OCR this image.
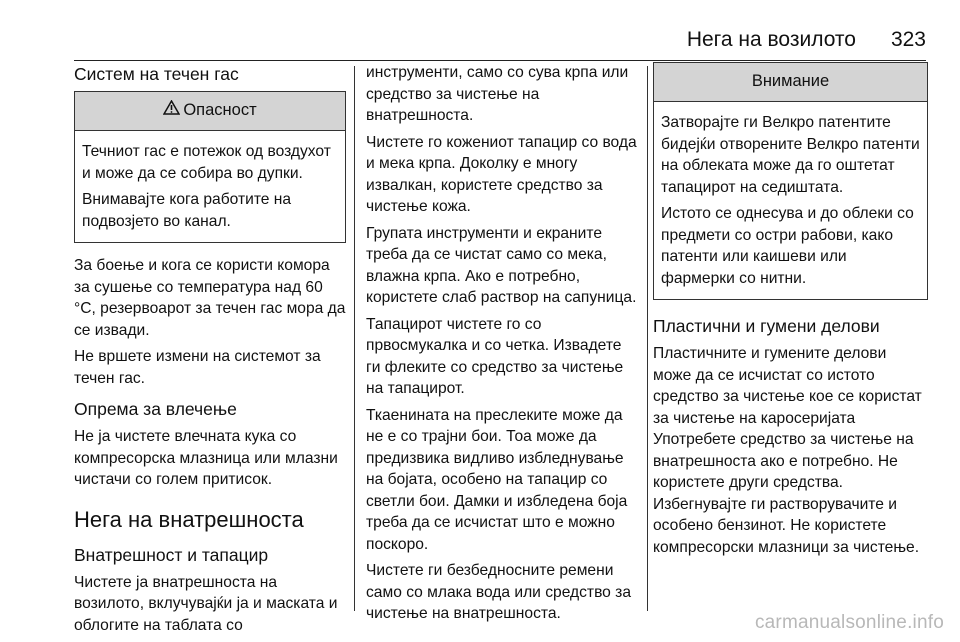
Нега на возилото 323
Систем на течен гас
Опасност

Течниот гас е потежок од воздухот и може да се собира во дупки.

Внимавајте кога работите на подвозјето во канал.

За боење и кога се користи комора за сушење со температура над 60 °C, резервоарот за течен гас мора да се извади.

Не вршете измени на системот за течен гас.

Опрема за влечење

Не ја чистете влечната кука со компресорска млазница или млазни чистачи со голем притисок.

Нега на внатрешноста
Внатрешност и тапацир

Чистете ја внатрешноста на возилото, вклучувајќи ја и маската и облогите на таблата со

инструменти, само со сува крпа или средство за чистење на внатрешноста.

Чистете го кожениот тапацир со вода и мека крпа. Доколку е многу извалкан, користете средство за чистење кожа.

Групата инструменти и екраните треба да се чистат само со мека, влажна крпа. Ако е потребно, користете слаб раствор на сапуница.

Тапацирот чистете го со првосмукалка и со четка. Извадете ги флеките со средство за чистење на тапацирот.

Ткаенината на преслеките може да не е со трајни бои. Тоа може да предизвика видливо избледнување на бојата, особено на тапацир со светли бои. Дамки и избледена боја треба да се исчистат што е можно поскоро.

Чистете ги безбедносните ремени само со млака вода или средство за чистење на внатрешноста.

Внимание

Затворајте ги Велкро патентите бидејќи отворените Велкро патенти на облеката може да го оштетат тапацирот на седиштата.

Истото се однесува и до облеки со предмети со остри рабови, како патенти или каишеви или фармерки со нитни.

Пластични и гумени делови

Пластичните и гумените делови може да се исчистат со истото средство за чистење кое се користат за чистење на каросеријата Употребете средство за чистење на внатрешноста ако е потребно. Не користете други средства. Избегнувајте ги растворувачите и особено бензинот. Не користете компресорски млазници за чистење.

carmanualsonline.info
